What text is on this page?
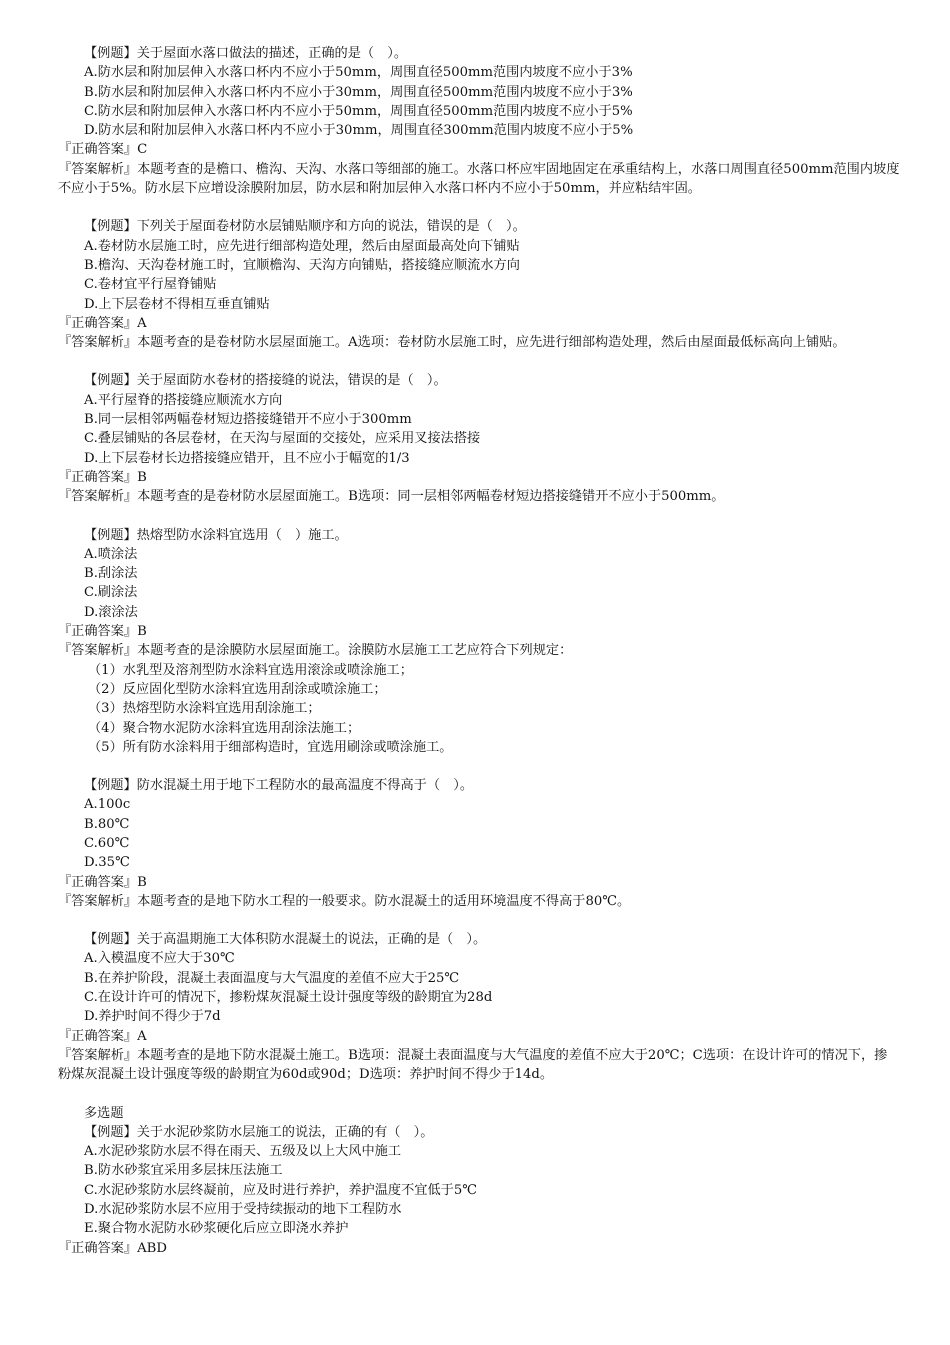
【例题】关于屋面水落口做法的描述，正确的是（　）。
A.防水层和附加层伸入水落口杯内不应小于50mm，周围直径500mm范围内坡度不应小于3%
B.防水层和附加层伸入水落口杯内不应小于30mm，周围直径500mm范围内坡度不应小于3%
C.防水层和附加层伸入水落口杯内不应小于50mm，周围直径500mm范围内坡度不应小于5%
D.防水层和附加层伸入水落口杯内不应小于30mm，周围直径300mm范围内坡度不应小于5%
『正确答案』C
『答案解析』本题考查的是檐口、檐沟、天沟、水落口等细部的施工。水落口杯应牢固地固定在承重结构上，水落口周围直径500mm范围内坡度不应小于5%。防水层下应增设涂膜附加层，防水层和附加层伸入水落口杯内不应小于50mm，并应粘结牢固。
【例题】下列关于屋面卷材防水层铺贴顺序和方向的说法，错误的是（　）。
A.卷材防水层施工时，应先进行细部构造处理，然后由屋面最高处向下铺贴
B.檐沟、天沟卷材施工时，宜顺檐沟、天沟方向铺贴，搭接缝应顺流水方向
C.卷材宜平行屋脊铺贴
D.上下层卷材不得相互垂直铺贴
『正确答案』A
『答案解析』本题考查的是卷材防水层屋面施工。A选项：卷材防水层施工时，应先进行细部构造处理，然后由屋面最低标高向上铺贴。
【例题】关于屋面防水卷材的搭接缝的说法，错误的是（　）。
A.平行屋脊的搭接缝应顺流水方向
B.同一层相邻两幅卷材短边搭接缝错开不应小于300mm
C.叠层铺贴的各层卷材，在天沟与屋面的交接处，应采用叉接法搭接
D.上下层卷材长边搭接缝应错开，且不应小于幅宽的1/3
『正确答案』B
『答案解析』本题考查的是卷材防水层屋面施工。B选项：同一层相邻两幅卷材短边搭接缝错开不应小于500mm。
【例题】热熔型防水涂料宜选用（　）施工。
A.喷涂法
B.刮涂法
C.刷涂法
D.滚涂法
『正确答案』B
『答案解析』本题考查的是涂膜防水层屋面施工。涂膜防水层施工工艺应符合下列规定：
（1）水乳型及溶剂型防水涂料宜选用滚涂或喷涂施工；
（2）反应固化型防水涂料宜选用刮涂或喷涂施工；
（3）热熔型防水涂料宜选用刮涂施工；
（4）聚合物水泥防水涂料宜选用刮涂法施工；
（5）所有防水涂料用于细部构造时，宜选用刷涂或喷涂施工。
【例题】防水混凝土用于地下工程防水的最高温度不得高于（　）。
A.100c
B.80℃
C.60℃
D.35℃
『正确答案』B
『答案解析』本题考查的是地下防水工程的一般要求。防水混凝土的适用环境温度不得高于80℃。
【例题】关于高温期施工大体积防水混凝土的说法，正确的是（　）。
A.入模温度不应大于30℃
B.在养护阶段，混凝土表面温度与大气温度的差值不应大于25℃
C.在设计许可的情况下，掺粉煤灰混凝土设计强度等级的龄期宜为28d
D.养护时间不得少于7d
『正确答案』A
『答案解析』本题考查的是地下防水混凝土施工。B选项：混凝土表面温度与大气温度的差值不应大于20℃；C选项：在设计许可的情况下，掺粉煤灰混凝土设计强度等级的龄期宜为60d或90d；D选项：养护时间不得少于14d。
多选题
【例题】关于水泥砂浆防水层施工的说法，正确的有（　）。
A.水泥砂浆防水层不得在雨天、五级及以上大风中施工
B.防水砂浆宜采用多层抹压法施工
C.水泥砂浆防水层终凝前，应及时进行养护，养护温度不宜低于5℃
D.水泥砂浆防水层不应用于受持续振动的地下工程防水
E.聚合物水泥防水砂浆硬化后应立即浇水养护
『正确答案』ABD
